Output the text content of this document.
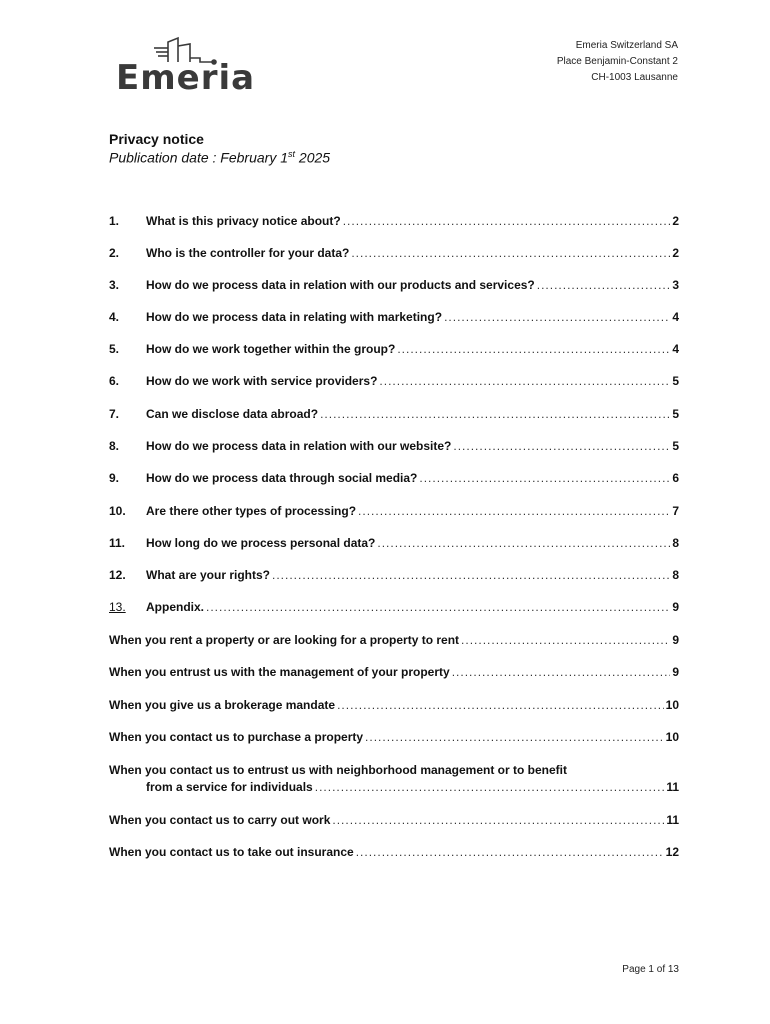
Emeria
Emeria Switzerland SA
Place Benjamin-Constant 2
CH-1003 Lausanne
Privacy notice
Publication date : February 1st 2025
1.	What is this privacy notice about? .....	2
2.	Who is the controller for your data? .....	2
3.	How do we process data in relation with our products and services? .....	3
4.	How do we process data in relating with marketing? .....	4
5.	How do we work together within the group? .....	4
6.	How do we work with service providers? .....	5
7.	Can we disclose data abroad? .....	5
8.	How do we process data in relation with our website? .....	5
9.	How do we process data through social media? .....	6
10.	Are there other types of processing? .....	7
11.	How long do we process personal data? .....	8
12.	What are your rights? .....	8
13.	Appendix. .....	9
When you rent a property or are looking for a property to rent .....	9
When you entrust us with the management of your property .....	9
When you give us a brokerage mandate .....	10
When you contact us to purchase a property .....	10
When you contact us to entrust us with neighborhood management or to benefit
from a service for individuals .....	11
When you contact us to carry out work .....	11
When you contact us to take out insurance .....	12
Page 1 of 13
